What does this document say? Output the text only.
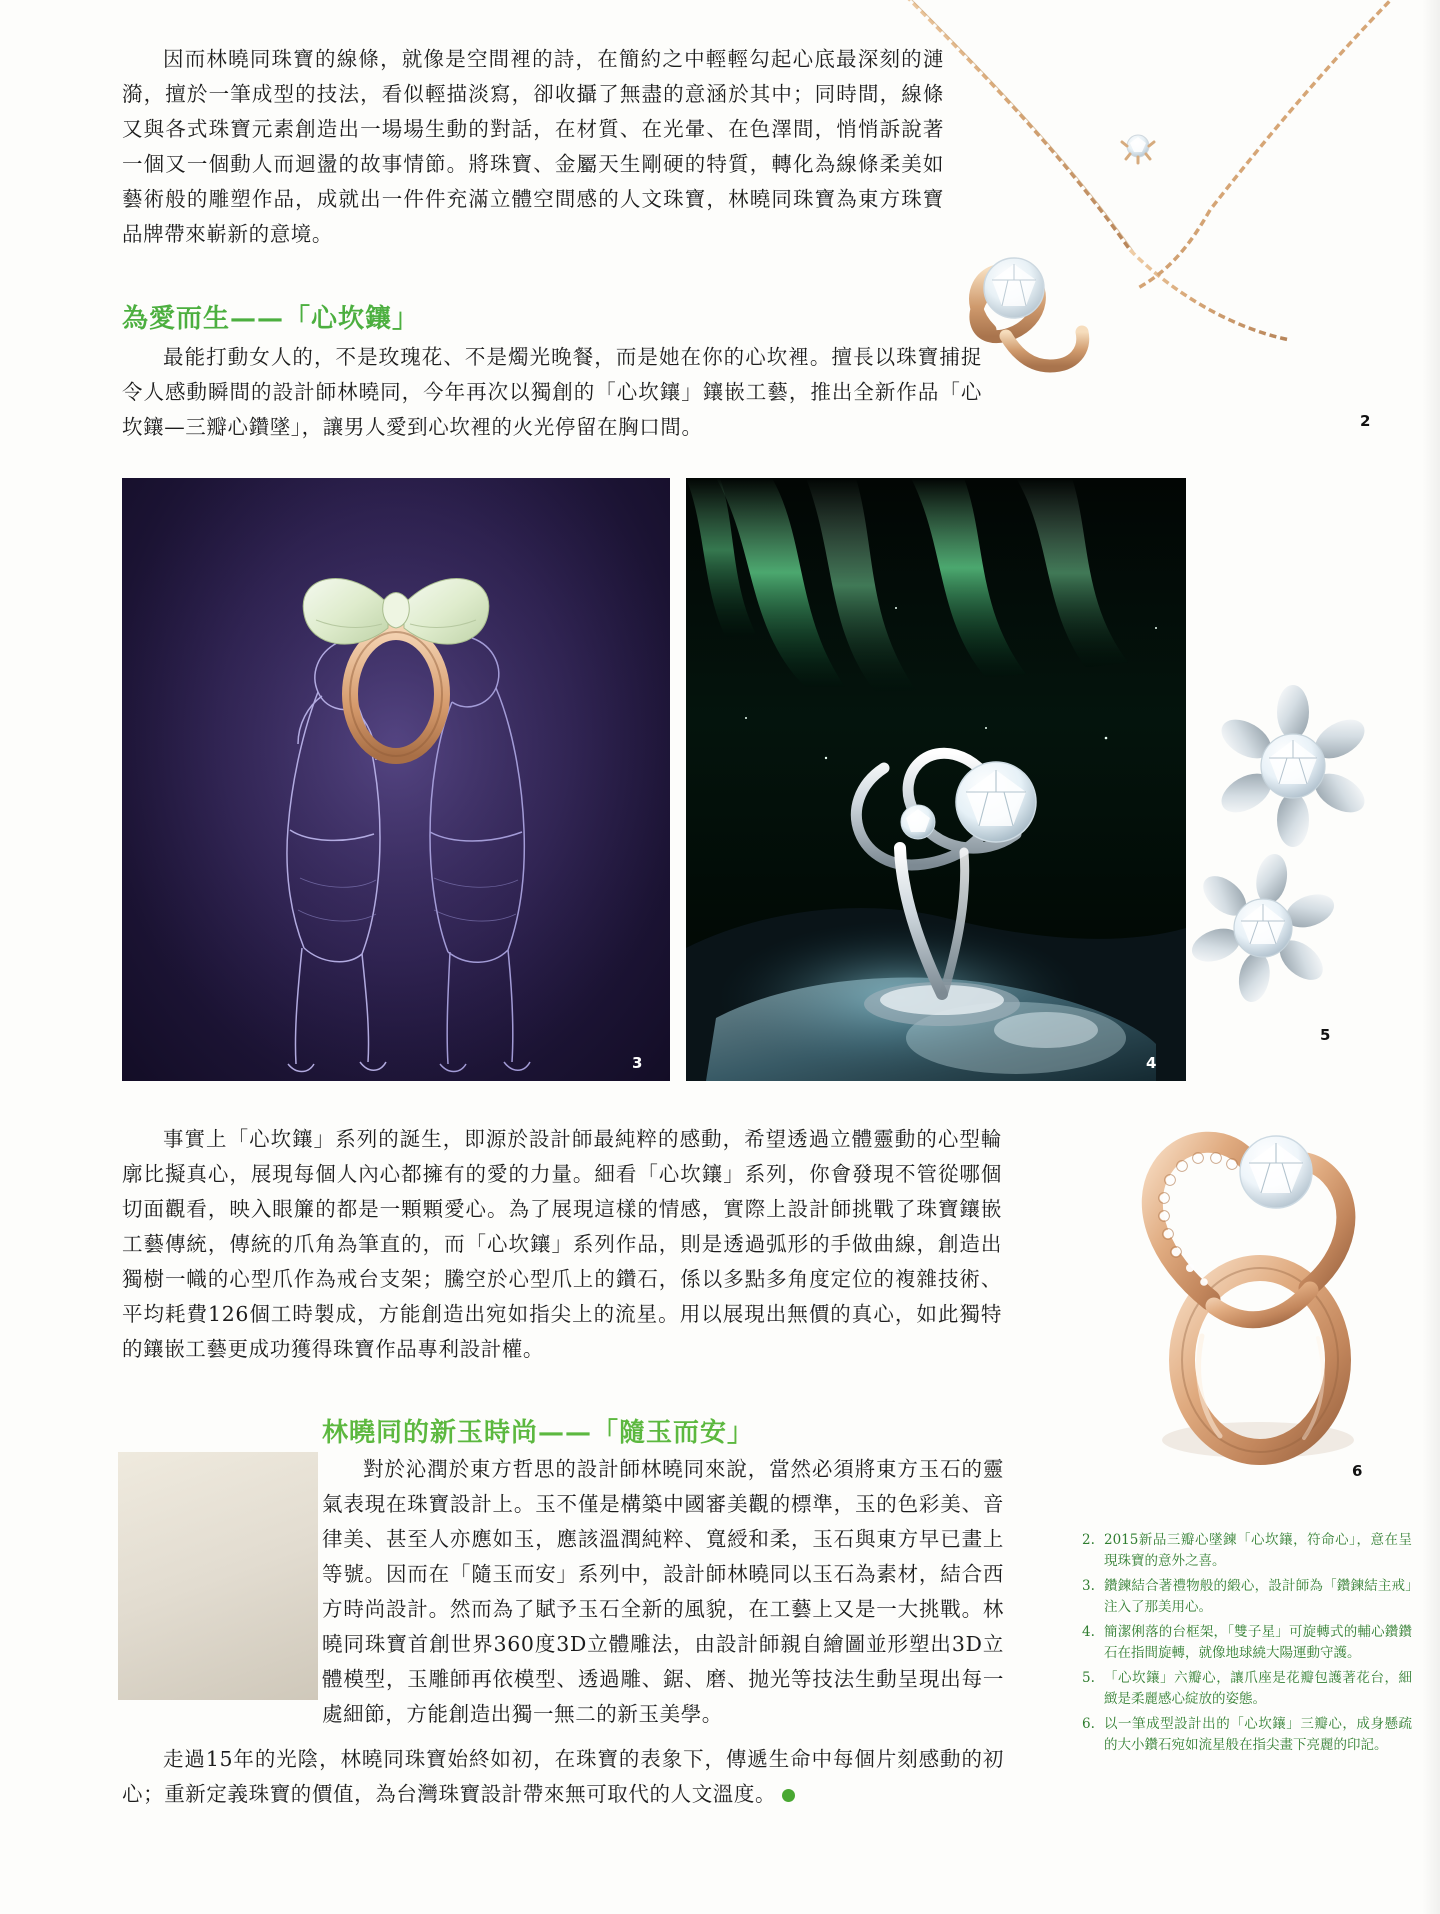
2
因而林曉同珠寶的線條，就像是空間裡的詩，在簡約之中輕輕勾起心底最深刻的漣漪，擅於一筆成型的技法，看似輕描淡寫，卻收攝了無盡的意涵於其中；同時間，線條又與各式珠寶元素創造出一場場生動的對話，在材質、在光暈、在色澤間，悄悄訴說著一個又一個動人而迴盪的故事情節。將珠寶、金屬天生剛硬的特質，轉化為線條柔美如藝術般的雕塑作品，成就出一件件充滿立體空間感的人文珠寶，林曉同珠寶為東方珠寶品牌帶來嶄新的意境。
為愛而生——「心坎鑲」
最能打動女人的，不是玫瑰花、不是燭光晚餐，而是她在你的心坎裡。擅長以珠寶捕捉令人感動瞬間的設計師林曉同，今年再次以獨創的「心坎鑲」鑲嵌工藝，推出全新作品「心坎鑲—三瓣心鑽墜」，讓男人愛到心坎裡的火光停留在胸口間。
3	4
5
事實上「心坎鑲」系列的誕生，即源於設計師最純粹的感動，希望透過立體靈動的心型輪廓比擬真心，展現每個人內心都擁有的愛的力量。細看「心坎鑲」系列，你會發現不管從哪個切面觀看，映入眼簾的都是一顆顆愛心。為了展現這樣的情感，實際上設計師挑戰了珠寶鑲嵌工藝傳統，傳統的爪角為筆直的，而「心坎鑲」系列作品，則是透過弧形的手做曲線，創造出獨樹一幟的心型爪作為戒台支架；騰空於心型爪上的鑽石，係以多點多角度定位的複雜技術、平均耗費126個工時製成，方能創造出宛如指尖上的流星。用以展現出無價的真心，如此獨特的鑲嵌工藝更成功獲得珠寶作品專利設計權。
6
林曉同的新玉時尚——「隨玉而安」
對於沁潤於東方哲思的設計師林曉同來說，當然必須將東方玉石的靈氣表現在珠寶設計上。玉不僅是構築中國審美觀的標準，玉的色彩美、音律美、甚至人亦應如玉，應該溫潤純粹、寬綬和柔，玉石與東方早已畫上等號。因而在「隨玉而安」系列中，設計師林曉同以玉石為素材，結合西方時尚設計。然而為了賦予玉石全新的風貌，在工藝上又是一大挑戰。林曉同珠寶首創世界360度3D立體雕法，由設計師親自繪圖並形塑出3D立體模型，玉雕師再依模型、透過雕、鋸、磨、抛光等技法生動呈現出每一處細節，方能創造出獨一無二的新玉美學。
走過15年的光陰，林曉同珠寶始終如初，在珠寶的表象下，傳遞生命中每個片刻感動的初心；重新定義珠寶的價值，為台灣珠寶設計帶來無可取代的人文溫度。
2. 2015新品三瓣心墜鍊「心坎鑲，符命心」，意在呈現珠寶的意外之喜。
3. 鑽鍊結合著禮物般的緞心，設計師為「鑽鍊結主戒」注入了那美用心。
4. 簡潔俐落的台框架，「雙子星」可旋轉式的輔心鑽鑽石在指間旋轉，就像地球繞大陽運動守護。
5. 「心坎鑲」六瓣心，讓爪座是花瓣包護著花台，細緻是柔麗感心綻放的姿態。
6. 以一筆成型設計出的「心坎鑲」三瓣心，成身懸疏的大小鑽石宛如流星般在指尖畫下亮麗的印記。
